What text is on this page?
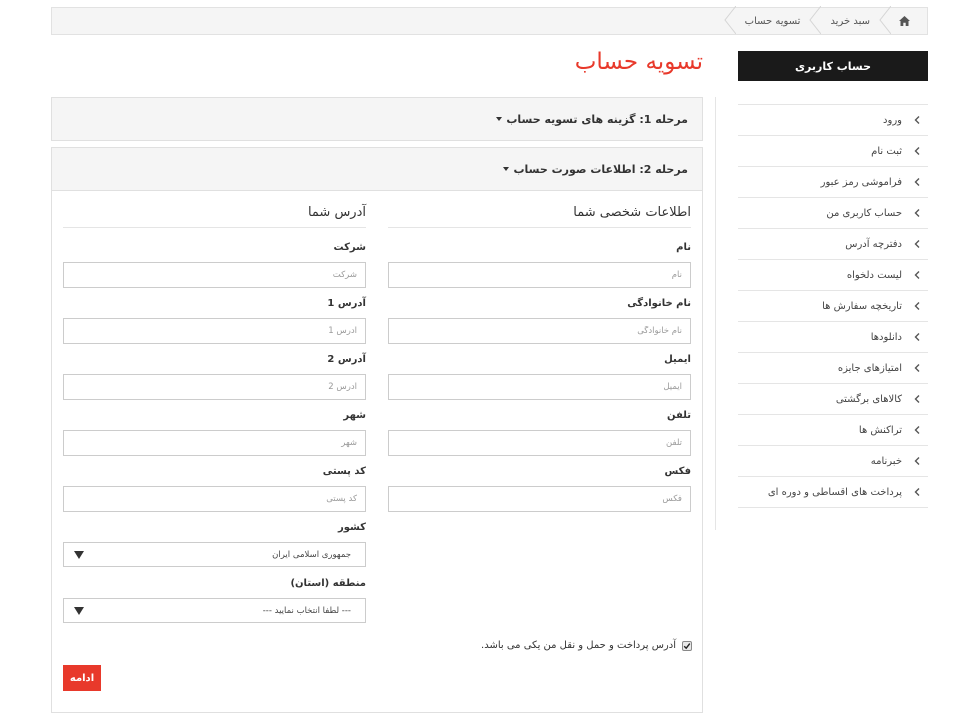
سبد خرید
تسویه حساب
تسویه حساب	حساب کاربری
ورود
ثبت نام
فراموشی رمز عبور
حساب کاربری من
دفترچه آدرس
لیست دلخواه
تاریخچه سفارش ها
دانلودها
امتیازهای جایزه
کالاهای برگشتی
تراکنش ها
خبرنامه
پرداخت های اقساطی و دوره ای
مرحله 1: گزینه های تسویه حساب
مرحله 2: اطلاعات صورت حساب
اطلاعات شخصی شما
نام
نام
نام خانوادگی
نام خانوادگی
ایمیل
ایمیل
تلفن
تلفن
فکس
فکس
آدرس شما
شرکت
شرکت
آدرس 1
آدرس 1
آدرس 2
آدرس 2
شهر
شهر
کد پستی
کد پستی
کشور
جمهوری اسلامی ایران
منطقه (استان)
--- لطفا انتخاب نمایید ---
آدرس پرداخت و حمل و نقل من یکی می باشد.
ادامه
